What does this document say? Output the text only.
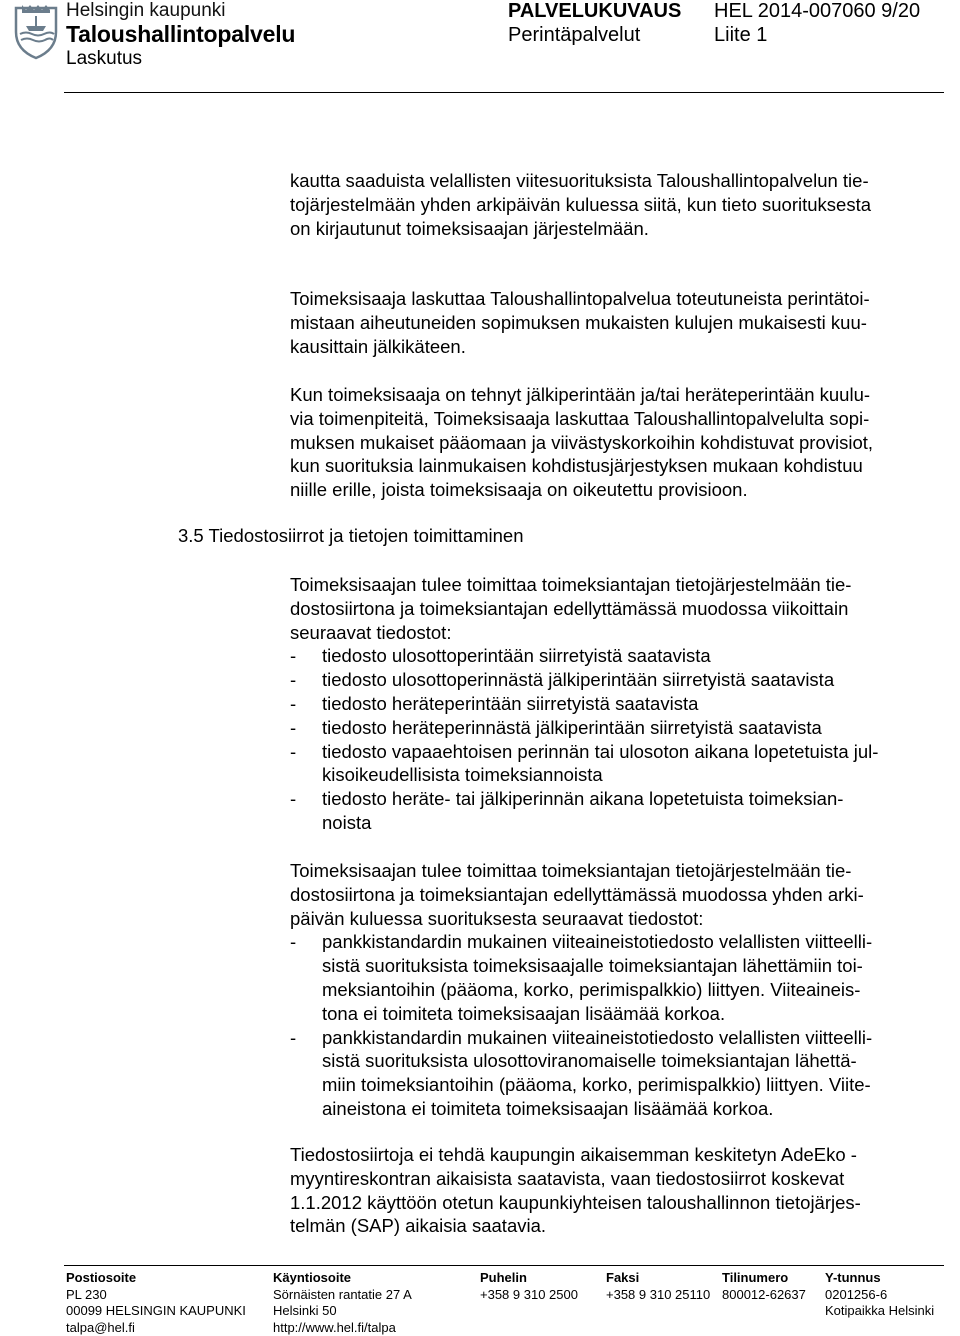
Helsingin kaupunki
Taloushallintopalvelu
Laskutus
PALVELUKUVAUS HEL 2014-007060 9/20
Perintäpalvelut	Liite 1
kautta saaduista velallisten viitesuorituksista Taloushallintopalvelun tie-
tojärjestelmään yhden arkipäivän kuluessa siitä, kun tieto suorituksesta
on kirjautunut toimeksisaajan järjestelmään.
Toimeksisaaja laskuttaa Taloushallintopalvelua toteutuneista perintätoi-
mistaan aiheutuneiden sopimuksen mukaisten kulujen mukaisesti kuu-
kausittain jälkikäteen.
Kun toimeksisaaja on tehnyt jälkiperintään ja/tai heräteperintään kuulu-
via toimenpiteitä, Toimeksisaaja laskuttaa Taloushallintopalvelulta sopi-
muksen mukaiset pääomaan ja viivästyskorkoihin kohdistuvat provisiot,
kun suorituksia lainmukaisen kohdistusjärjestyksen mukaan kohdistuu
niille erille, joista toimeksisaaja on oikeutettu provisioon.
3.5 Tiedostosiirrot ja tietojen toimittaminen
Toimeksisaajan tulee toimittaa toimeksiantajan tietojärjestelmään tie-
dostosiirtona ja toimeksiantajan edellyttämässä muodossa viikoittain
seuraavat tiedostot:
- tiedosto ulosottoperintään siirretyistä saatavista
- tiedosto ulosottoperinnästä jälkiperintään siirretyistä saatavista
- tiedosto heräteperintään siirretyistä saatavista
- tiedosto heräteperinnästä jälkiperintään siirretyistä saatavista
- tiedosto vapaaehtoisen perinnän tai ulosoton aikana lopetetuista jul-
kisoikeudellisista toimeksiannoista
- tiedosto heräte- tai jälkiperinnän aikana lopetetuista toimeksian-
noista
Toimeksisaajan tulee toimittaa toimeksiantajan tietojärjestelmään tie-
dostosiirtona ja toimeksiantajan edellyttämässä muodossa yhden arki-
päivän kuluessa suorituksesta seuraavat tiedostot:
- pankkistandardin mukainen viiteaineistotiedosto velallisten viitteelli-
sistä suorituksista toimeksisaajalle toimeksiantajan lähettämiin toi-
meksiantoihin (pääoma, korko, perimispalkkio) liittyen. Viiteaineis-
tona ei toimiteta toimeksisaajan lisäämää korkoa.
- pankkistandardin mukainen viiteaineistotiedosto velallisten viitteelli-
sistä suorituksista ulosottoviranomaiselle toimeksiantajan lähettä-
miin toimeksiantoihin (pääoma, korko, perimispalkkio) liittyen. Viite-
aineistona ei toimiteta toimeksisaajan lisäämää korkoa.
Tiedostosiirtoja ei tehdä kaupungin aikaisemman keskitetyn AdeEko -
myyntireskontran aikaisista saatavista, vaan tiedostosiirrot koskevat
1.1.2012 käyttöön otetun kaupunkiyhteisen taloushallinnon tietojärjes-
telmän (SAP) aikaisia saatavia.
Postiosoite
PL 230
00099 HELSINGIN KAUPUNKI
talpa@hel.fi
Käyntiosoite
Sörnäisten rantatie 27 A
Helsinki 50
http://www.hel.fi/talpa
Puhelin
+358 9 310 2500
Faksi
+358 9 310 25110
Tilinumero
800012-62637
Y-tunnus
0201256-6
Kotipaikka Helsinki
